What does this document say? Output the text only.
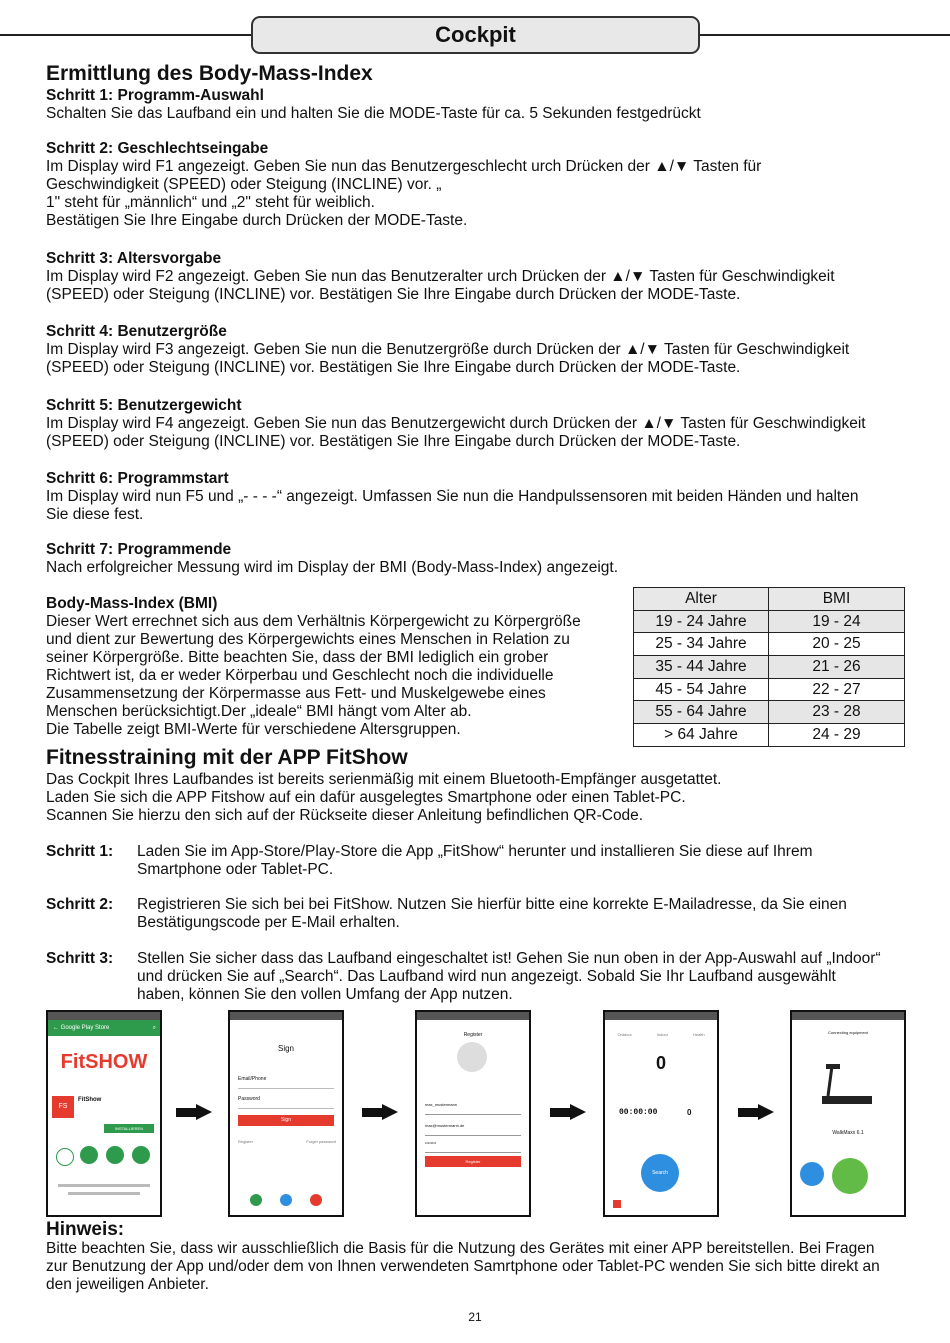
Cockpit
Ermittlung des Body-Mass-Index

Schritt 1: Programm-Auswahl

Schalten Sie das Laufband ein und halten Sie die MODE-Taste für ca. 5 Sekunden festgedrückt

Schritt 2: Geschlechtseingabe

Im Display wird F1 angezeigt. Geben Sie nun das Benutzergeschlecht urch Drücken der ▲/▼ Tasten für

Geschwindigkeit (SPEED) oder Steigung (INCLINE) vor. „

1" steht für „männlich“ und „2" steht für weiblich.

Bestätigen Sie Ihre Eingabe durch Drücken der MODE-Taste.

Schritt 3: Altersvorgabe

Im Display wird F2 angezeigt. Geben Sie nun das Benutzeralter urch Drücken der ▲/▼ Tasten für Geschwindigkeit

(SPEED) oder Steigung (INCLINE) vor. Bestätigen Sie Ihre Eingabe durch Drücken der MODE-Taste.

Schritt 4: Benutzergröße

Im Display wird F3 angezeigt. Geben Sie nun die Benutzergröße durch Drücken der ▲/▼ Tasten für Geschwindigkeit

(SPEED) oder Steigung (INCLINE) vor. Bestätigen Sie Ihre Eingabe durch Drücken der MODE-Taste.

Schritt 5: Benutzergewicht

Im Display wird F4 angezeigt. Geben Sie nun das Benutzergewicht durch Drücken der ▲/▼ Tasten für Geschwindigkeit

(SPEED) oder Steigung (INCLINE) vor. Bestätigen Sie Ihre Eingabe durch Drücken der MODE-Taste.

Schritt 6: Programmstart

Im Display wird nun F5 und „- - - -“ angezeigt. Umfassen Sie nun die Handpulssensoren mit beiden Händen und halten

Sie diese fest.

Schritt 7: Programmende

Nach erfolgreicher Messung wird im Display der BMI (Body-Mass-Index) angezeigt.

Body-Mass-Index (BMI)

Dieser Wert errechnet sich aus dem Verhältnis Körpergewicht zu Körpergröße

und dient zur Bewertung des Körpergewichts eines Menschen in Relation zu

seiner Körpergröße. Bitte beachten Sie, dass der BMI lediglich ein grober

Richtwert ist, da er weder Körperbau und Geschlecht noch die individuelle

Zusammensetzung der Körpermasse aus Fett- und Muskelgewebe eines

Menschen berücksichtigt.Der „ideale“ BMI hängt vom Alter ab.

Die Tabelle zeigt BMI-Werte für verschiedene Altersgruppen.

Alter	BMI
19 - 24 Jahre	19 - 24
25 - 34 Jahre	20 - 25
35 - 44 Jahre	21 - 26
45 - 54 Jahre	22 - 27
55 - 64 Jahre	23 - 28
> 64 Jahre	24 - 29
Fitnesstraining mit der APP FitShow

Das Cockpit Ihres Laufbandes ist bereits serienmäßig mit einem Bluetooth-Empfänger ausgetattet.

Laden Sie sich die APP Fitshow auf ein dafür ausgelegtes Smartphone oder einen Tablet-PC.

Scannen Sie hierzu den sich auf der Rückseite dieser Anleitung befindlichen QR-Code.

Schritt 1: Laden Sie im App-Store/Play-Store die App „FitShow“ herunter und installieren Sie diese auf Ihrem

Smartphone oder Tablet-PC.

Schritt 2: Registrieren Sie sich bei bei FitShow. Nutzen Sie hierfür bitte eine korrekte E-Mailadresse, da Sie einen

Bestätigungscode per E-Mail erhalten.

Schritt 3: Stellen Sie sicher dass das Laufband eingeschaltet ist! Gehen Sie nun oben in der App-Auswahl auf „Indoor“

und drücken Sie auf „Search“. Das Laufband wird nun angezeigt. Sobald Sie Ihr Laufband ausgewählt

haben, können Sie den vollen Umfang der App nutzen.

← Google Play Store	⌕
FitSHOW
FS
FitShow
INSTALLIEREN
Sign
Email/Phone
Password
Sign
Register	Forget password
Register
max_mustermann
max@mustermann.de
••••••••
Register
Outdoor	Indoor	Health
0
00:00:00	0
Search
Connecting equipment
WalkMaxx 6.1
Hinweis:

Bitte beachten Sie, dass wir ausschließlich die Basis für die Nutzung des Gerätes mit einer APP bereitstellen. Bei Fragen

zur Benutzung der App und/oder dem von Ihnen verwendeten Samrtphone oder Tablet-PC wenden Sie sich bitte direkt an

den jeweiligen Anbieter.

21
